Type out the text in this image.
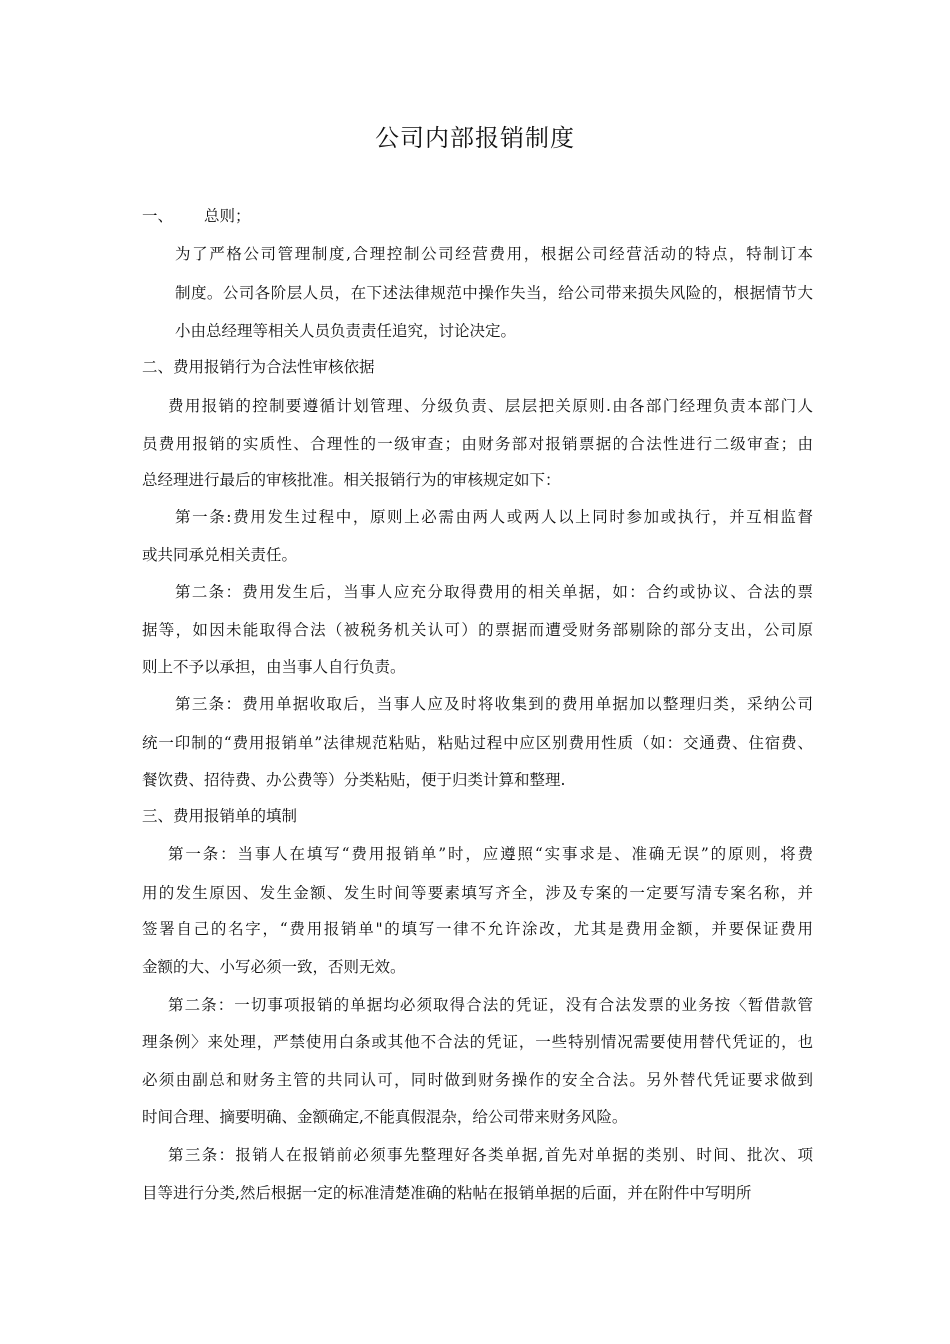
公司内部报销制度
一、 总则；
为了严格公司管理制度,合理控制公司经营费用，根据公司经营活动的特点，特制订本
制度。公司各阶层人员，在下述法律规范中操作失当，给公司带来损失风险的，根据情节大
小由总经理等相关人员负责责任追究，讨论决定。
二、费用报销行为合法性审核依据
费用报销的控制要遵循计划管理、分级负责、层层把关原则.由各部门经理负责本部门人
员费用报销的实质性、合理性的一级审查；由财务部对报销票据的合法性进行二级审查；由
总经理进行最后的审核批准。相关报销行为的审核规定如下：
第一条:费用发生过程中，原则上必需由两人或两人以上同时参加或执行，并互相监督
或共同承兑相关责任。
第二条：费用发生后，当事人应充分取得费用的相关单据，如：合约或协议、合法的票
据等，如因未能取得合法（被税务机关认可）的票据而遭受财务部剔除的部分支出，公司原
则上不予以承担，由当事人自行负责。
第三条：费用单据收取后，当事人应及时将收集到的费用单据加以整理归类，采纳公司
统一印制的“费用报销单”法律规范粘贴，粘贴过程中应区别费用性质（如：交通费、住宿费、
餐饮费、招待费、办公费等）分类粘贴，便于归类计算和整理.
三、费用报销单的填制
第一条：当事人在填写“费用报销单”时，应遵照“实事求是、准确无误”的原则，将费
用的发生原因、发生金额、发生时间等要素填写齐全，涉及专案的一定要写清专案名称，并
签署自己的名字，“费用报销单"的填写一律不允许涂改，尤其是费用金额，并要保证费用
金额的大、小写必须一致，否则无效。
第二条：一切事项报销的单据均必须取得合法的凭证，没有合法发票的业务按〈暂借款管
理条例〉来处理，严禁使用白条或其他不合法的凭证，一些特别情况需要使用替代凭证的，也
必须由副总和财务主管的共同认可，同时做到财务操作的安全合法。另外替代凭证要求做到
时间合理、摘要明确、金额确定,不能真假混杂，给公司带来财务风险。
第三条：报销人在报销前必须事先整理好各类单据,首先对单据的类别、时间、批次、项
目等进行分类,然后根据一定的标准清楚准确的粘帖在报销单据的后面，并在附件中写明所
